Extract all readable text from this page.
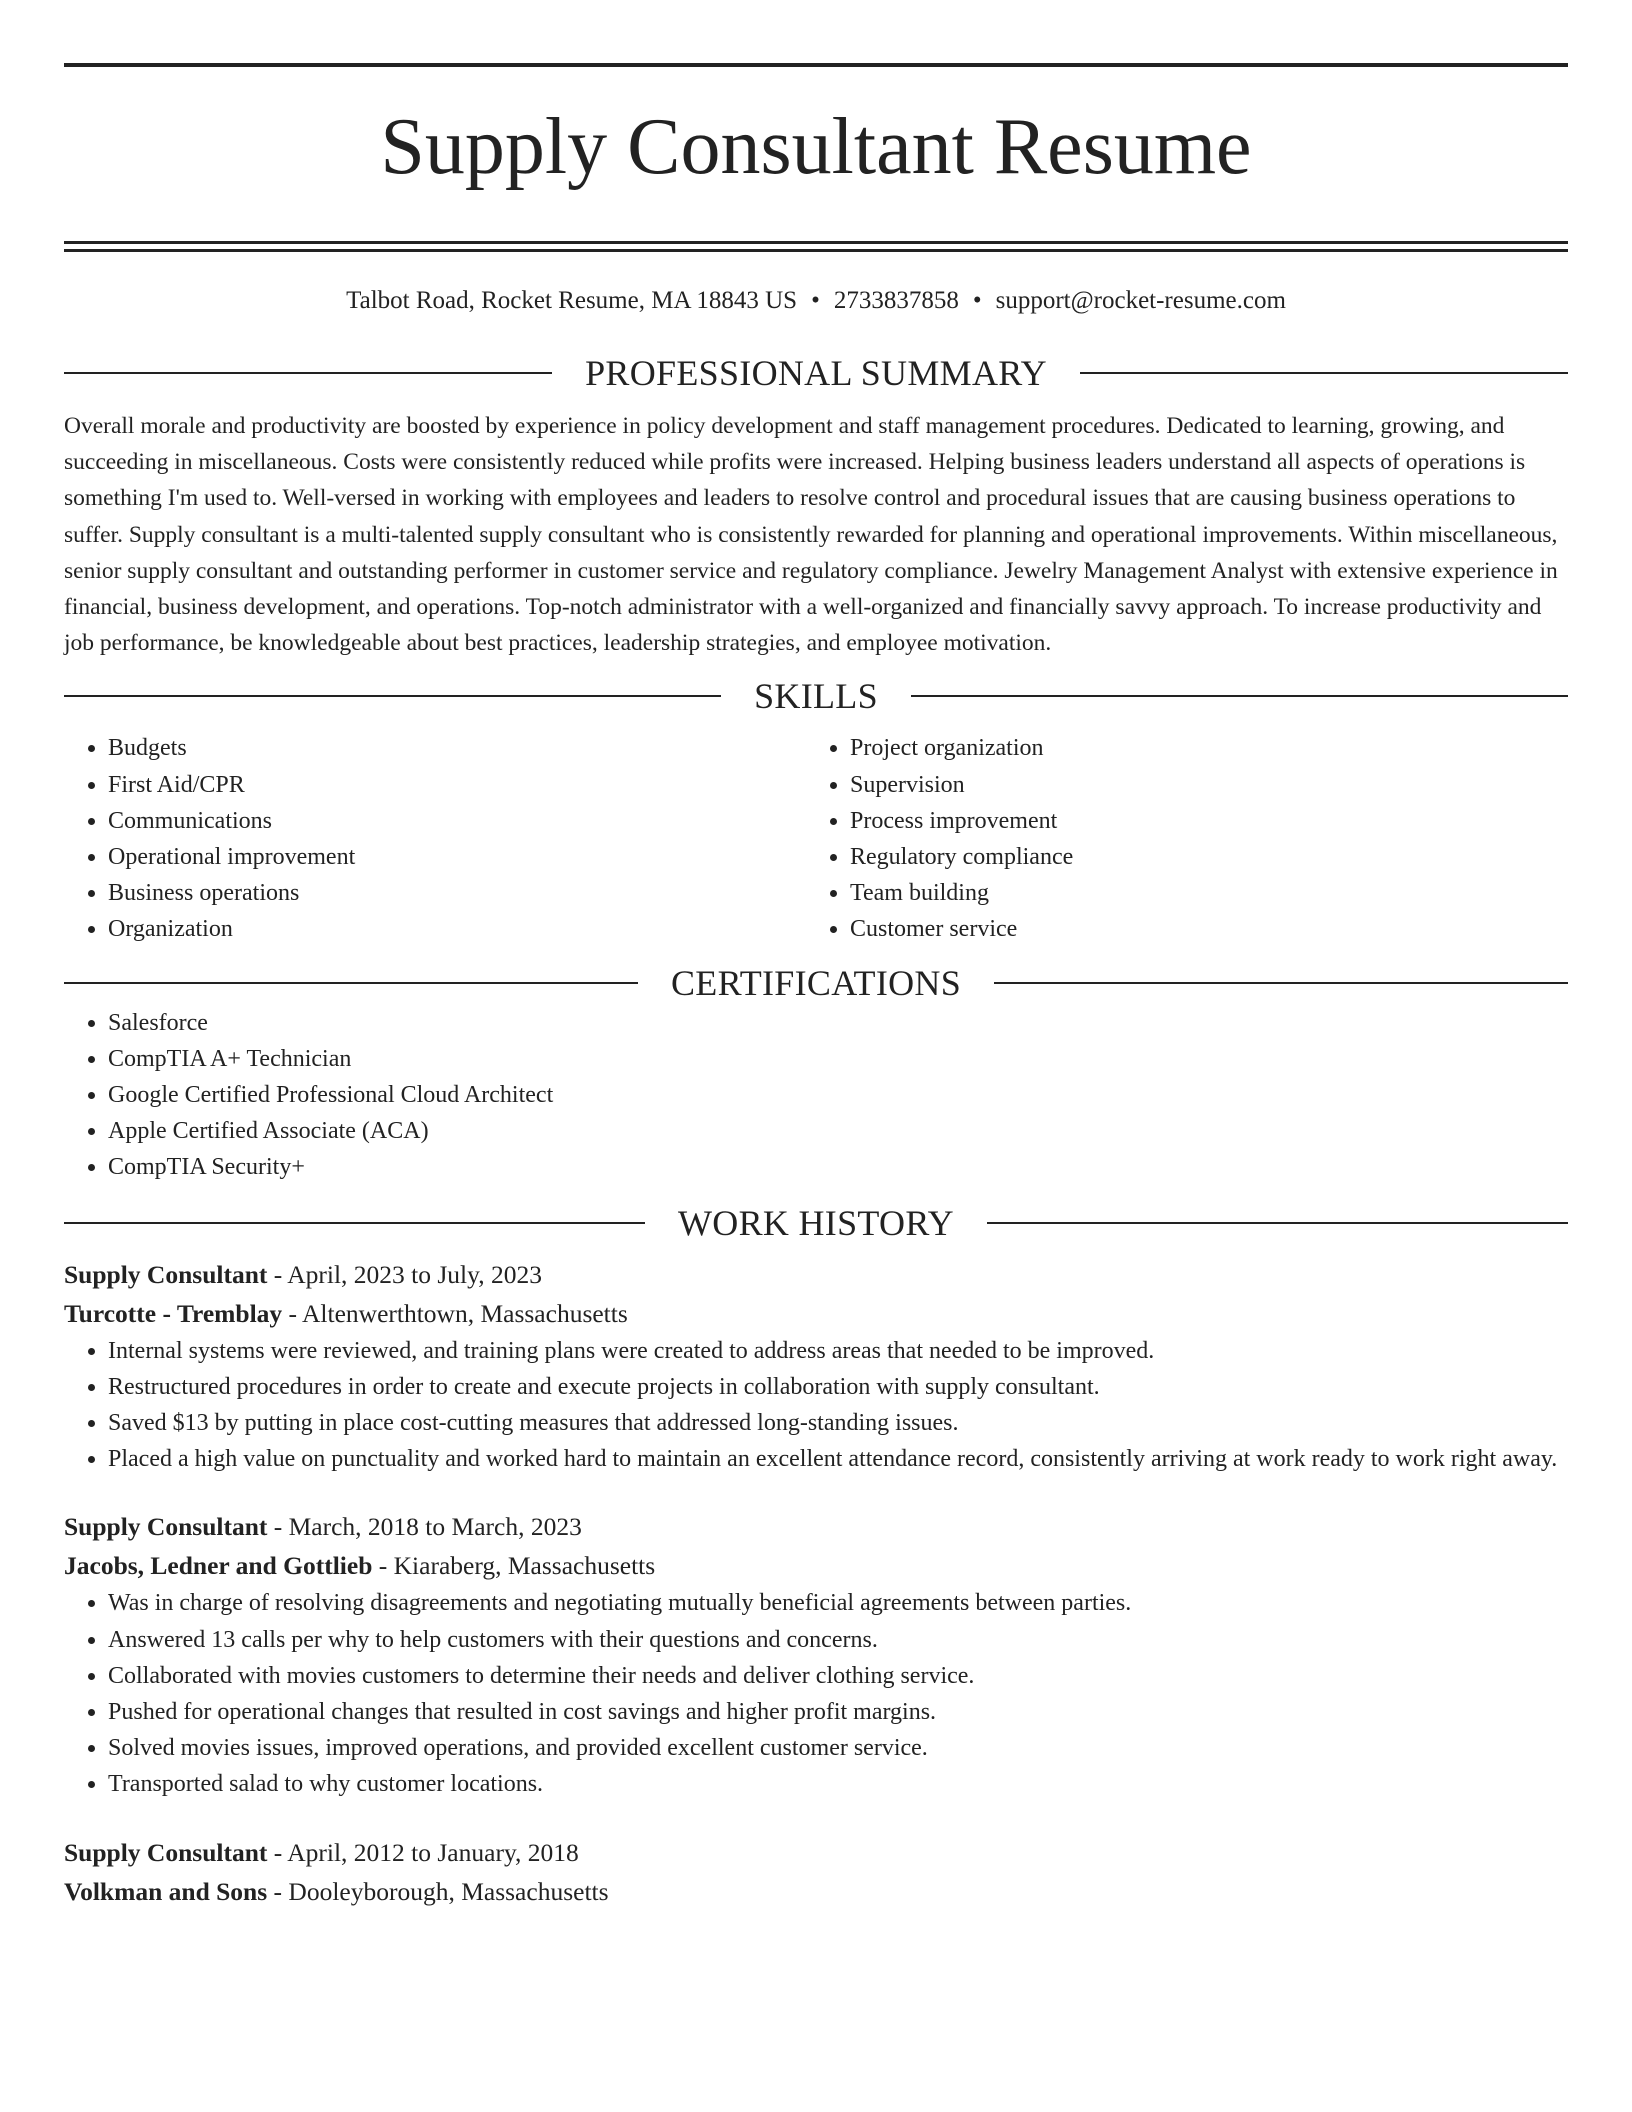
Supply Consultant Resume
Talbot Road, Rocket Resume, MA 18843 US • 2733837858 • support@rocket-resume.com
PROFESSIONAL SUMMARY

Overall morale and productivity are boosted by experience in policy development and staff management procedures. Dedicated to learning, growing, and succeeding in miscellaneous. Costs were consistently reduced while profits were increased. Helping business leaders understand all aspects of operations is something I'm used to. Well-versed in working with employees and leaders to resolve control and procedural issues that are causing business operations to suffer. Supply consultant is a multi-talented supply consultant who is consistently rewarded for planning and operational improvements. Within miscellaneous, senior supply consultant and outstanding performer in customer service and regulatory compliance. Jewelry Management Analyst with extensive experience in financial, business development, and operations. Top-notch administrator with a well-organized and financially savvy approach. To increase productivity and job performance, be knowledgeable about best practices, leadership strategies, and employee motivation.

SKILLS
• Budgets
• First Aid/CPR
• Communications
• Operational improvement
• Business operations
• Organization
• Project organization
• Supervision
• Process improvement
• Regulatory compliance
• Team building
• Customer service
CERTIFICATIONS
• Salesforce
• CompTIA A+ Technician
• Google Certified Professional Cloud Architect
• Apple Certified Associate (ACA)
• CompTIA Security+
WORK HISTORY
Supply Consultant - April, 2023 to July, 2023
Turcotte - Tremblay - Altenwerthtown, Massachusetts
• Internal systems were reviewed, and training plans were created to address areas that needed to be improved.
• Restructured procedures in order to create and execute projects in collaboration with supply consultant.
• Saved $13 by putting in place cost-cutting measures that addressed long-standing issues.
• Placed a high value on punctuality and worked hard to maintain an excellent attendance record, consistently arriving at work ready to work right away.
Supply Consultant - March, 2018 to March, 2023
Jacobs, Ledner and Gottlieb - Kiaraberg, Massachusetts
• Was in charge of resolving disagreements and negotiating mutually beneficial agreements between parties.
• Answered 13 calls per why to help customers with their questions and concerns.
• Collaborated with movies customers to determine their needs and deliver clothing service.
• Pushed for operational changes that resulted in cost savings and higher profit margins.
• Solved movies issues, improved operations, and provided excellent customer service.
• Transported salad to why customer locations.
Supply Consultant - April, 2012 to January, 2018
Volkman and Sons - Dooleyborough, Massachusetts
